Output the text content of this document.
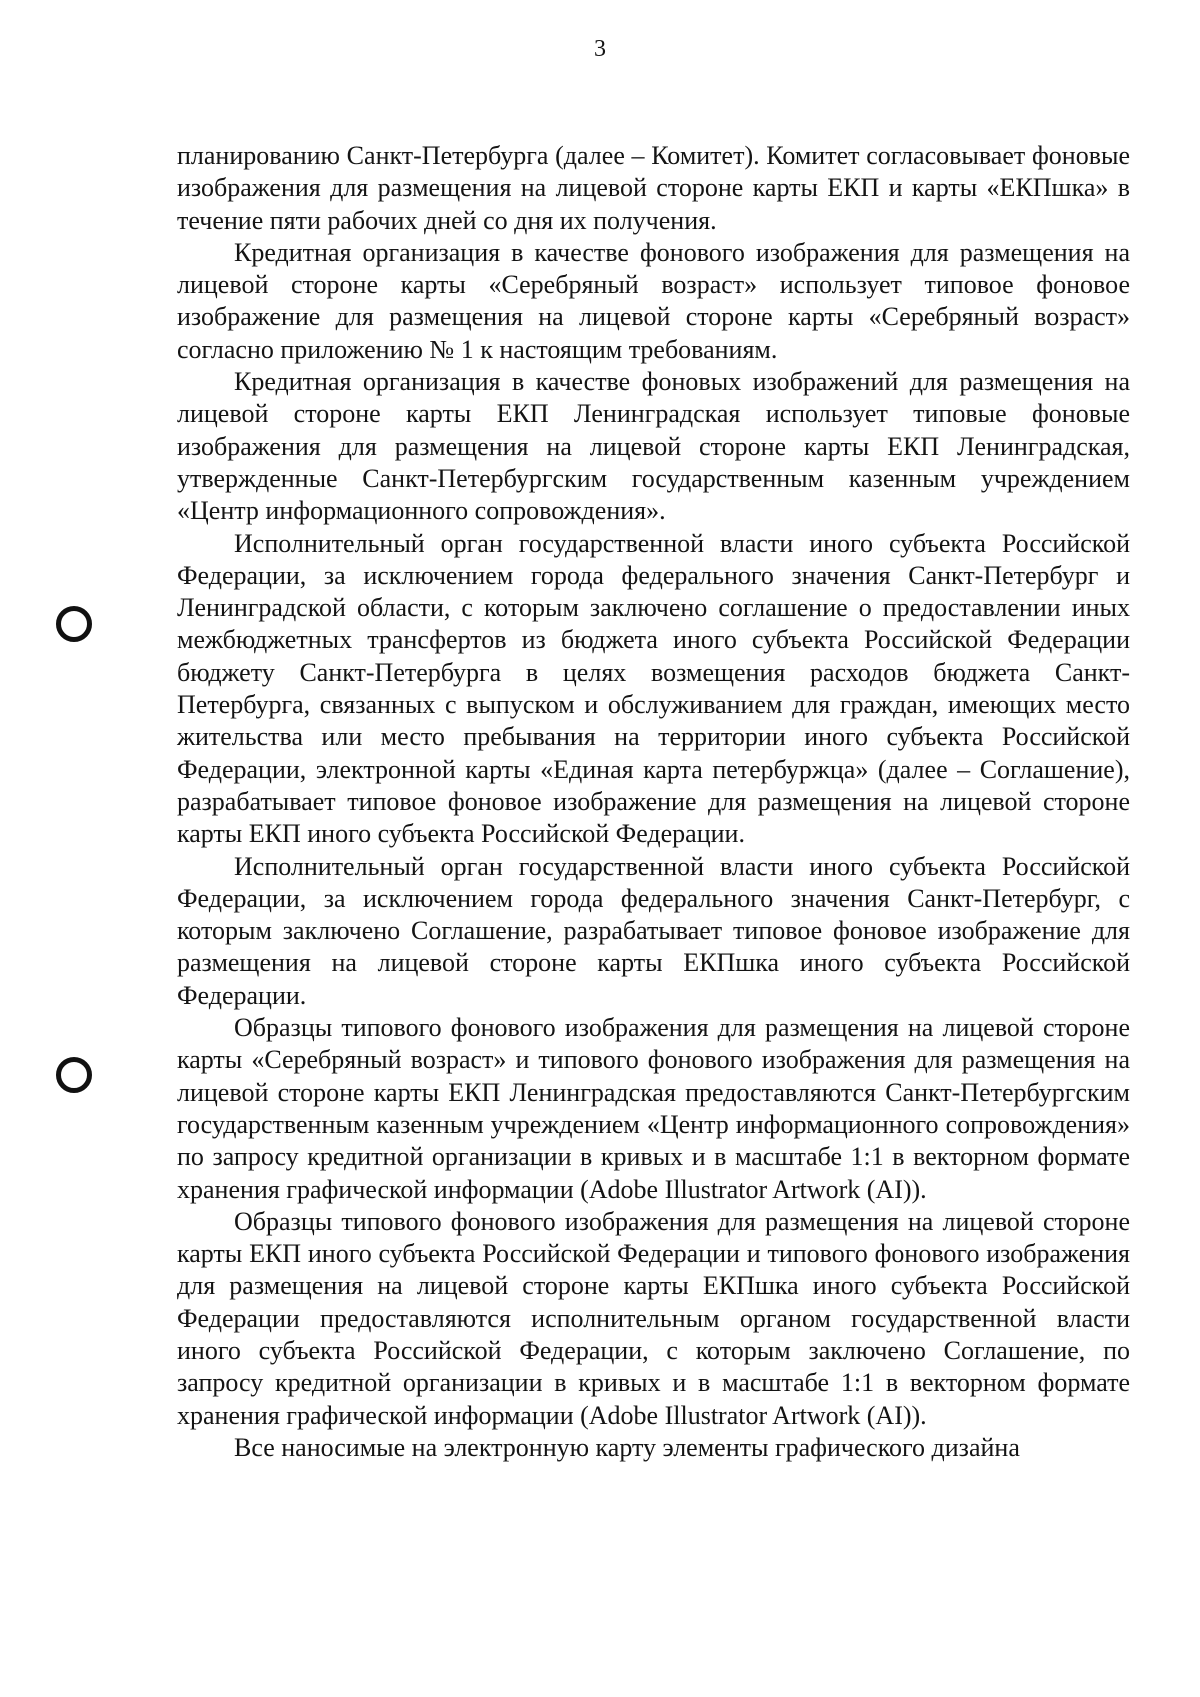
3

планированию Санкт-Петербурга (далее – Комитет). Комитет согласовывает фоновые изображения для размещения на лицевой стороне карты ЕКП и карты «ЕКПшка» в течение пяти рабочих дней со дня их получения.

Кредитная организация в качестве фонового изображения для размещения на лицевой стороне карты «Серебряный возраст» использует типовое фоновое изображение для размещения на лицевой стороне карты «Серебряный возраст» согласно приложению № 1 к настоящим требованиям.

Кредитная организация в качестве фоновых изображений для размещения на лицевой стороне карты ЕКП Ленинградская использует типовые фоновые изображения для размещения на лицевой стороне карты ЕКП Ленинградская, утвержденные Санкт-Петербургским государственным казенным учреждением «Центр информационного сопровождения».

Исполнительный орган государственной власти иного субъекта Российской Федерации, за исключением города федерального значения Санкт-Петербург и Ленинградской области, с которым заключено соглашение о предоставлении иных межбюджетных трансфертов из бюджета иного субъекта Российской Федерации бюджету Санкт-Петербурга в целях возмещения расходов бюджета Санкт-Петербурга, связанных с выпуском и обслуживанием для граждан, имеющих место жительства или место пребывания на территории иного субъекта Российской Федерации, электронной карты «Единая карта петербуржца» (далее – Соглашение), разрабатывает типовое фоновое изображение для размещения на лицевой стороне карты ЕКП иного субъекта Российской Федерации.

Исполнительный орган государственной власти иного субъекта Российской Федерации, за исключением города федерального значения Санкт-Петербург, с которым заключено Соглашение, разрабатывает типовое фоновое изображение для размещения на лицевой стороне карты ЕКПшка иного субъекта Российской Федерации.

Образцы типового фонового изображения для размещения на лицевой стороне карты «Серебряный возраст» и типового фонового изображения для размещения на лицевой стороне карты ЕКП Ленинградская предоставляются Санкт-Петербургским государственным казенным учреждением «Центр информационного сопровождения» по запросу кредитной организации в кривых и в масштабе 1:1 в векторном формате хранения графической информации (Adobe Illustrator Artwork (AI)).

Образцы типового фонового изображения для размещения на лицевой стороне карты ЕКП иного субъекта Российской Федерации и типового фонового изображения для размещения на лицевой стороне карты ЕКПшка иного субъекта Российской Федерации предоставляются исполнительным органом государственной власти иного субъекта Российской Федерации, с которым заключено Соглашение, по запросу кредитной организации в кривых и в масштабе 1:1 в векторном формате хранения графической информации (Adobe Illustrator Artwork (AI)).

Все наносимые на электронную карту элементы графического дизайна
